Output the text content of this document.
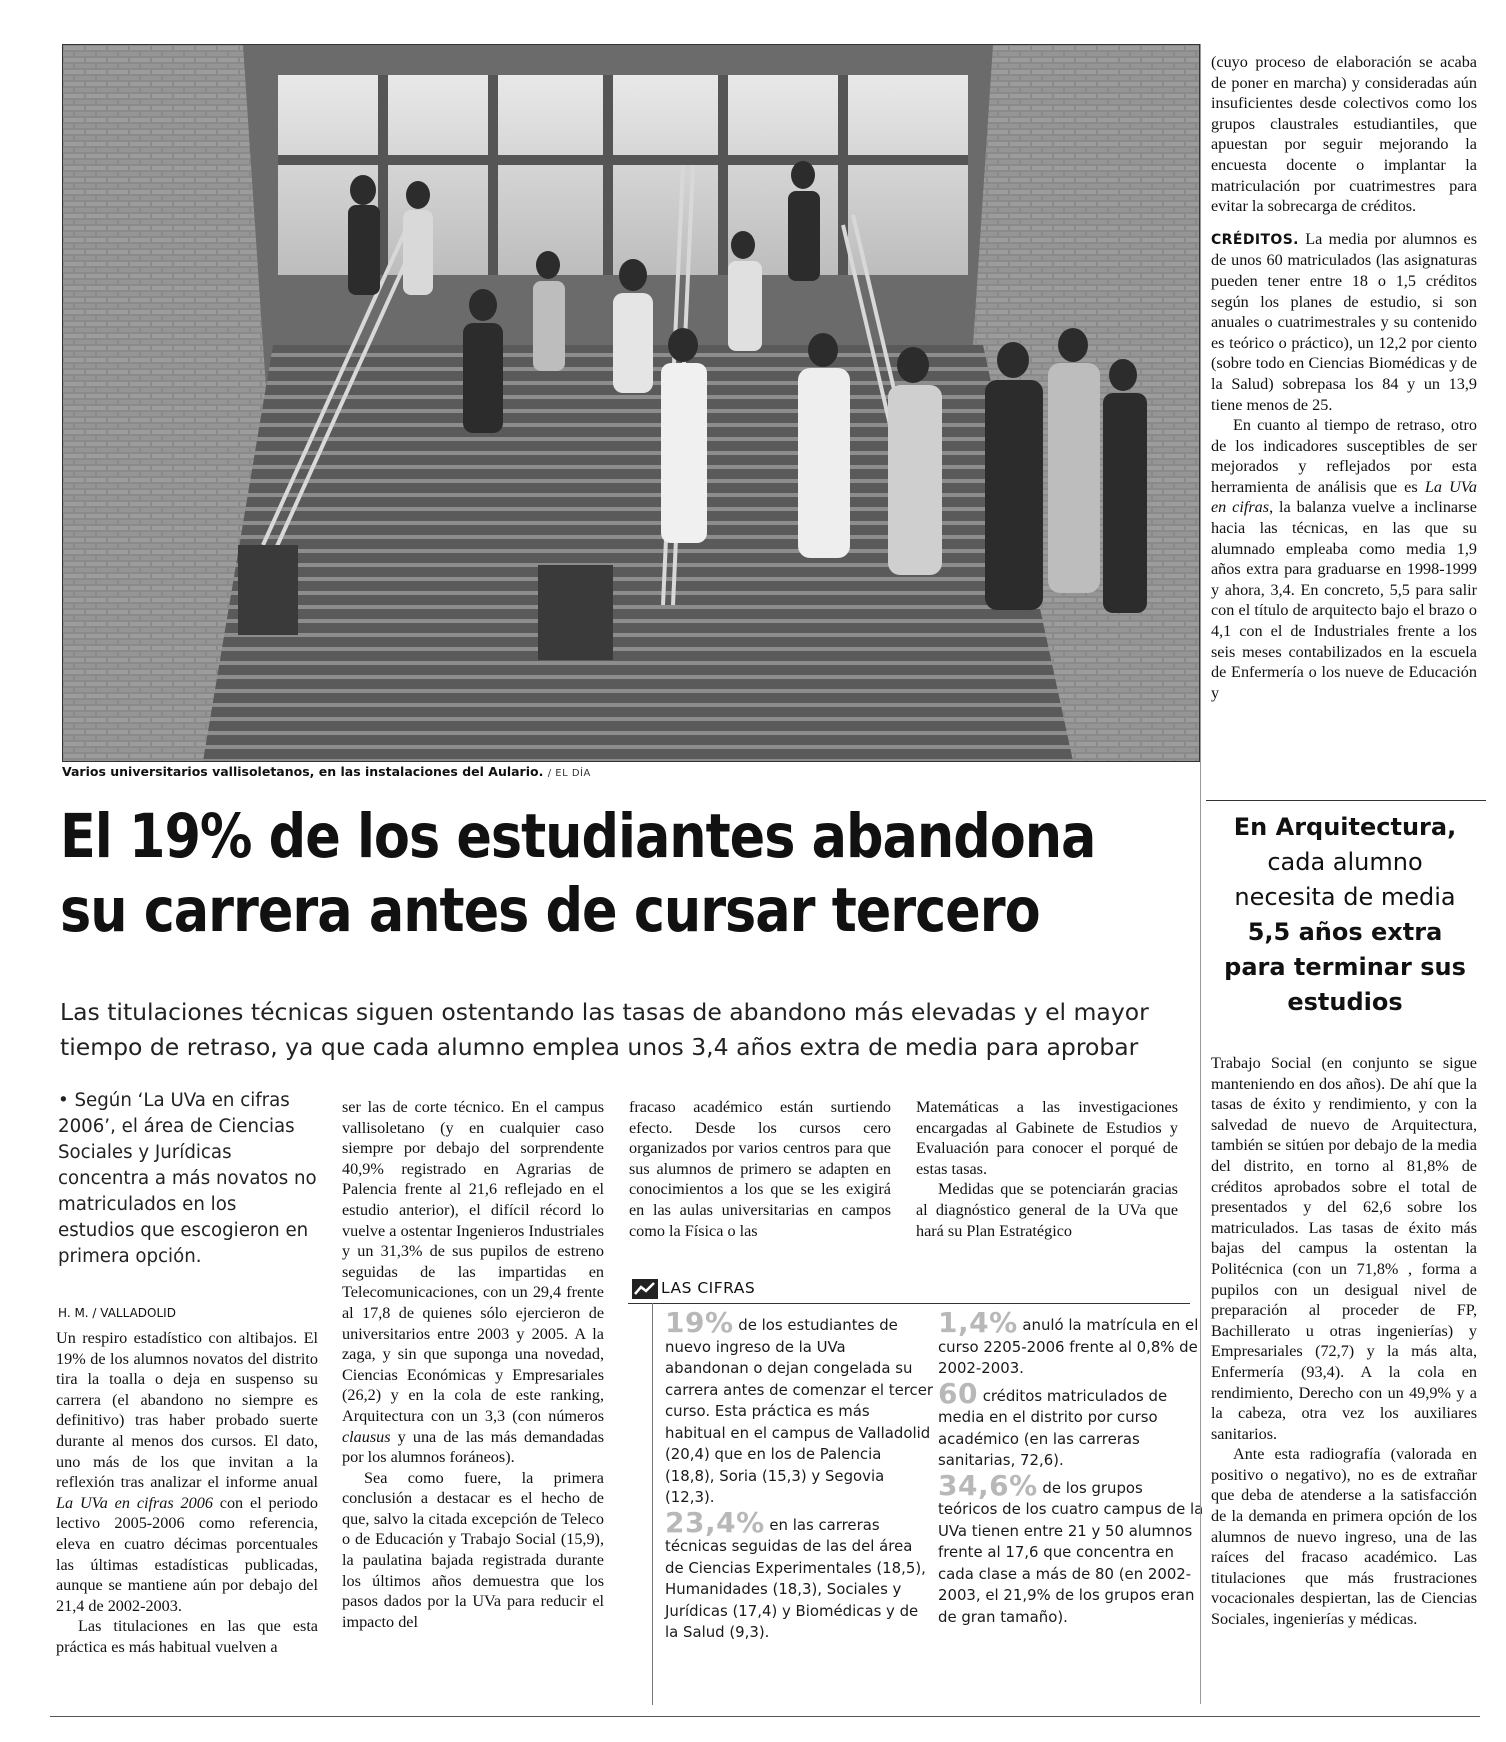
Varios universitarios vallisoletanos, en las instalaciones del Aulario. / EL DÍA
El 19% de los estudiantes abandona
su carrera antes de cursar tercero
Las titulaciones técnicas siguen ostentando las tasas de abandono más elevadas y el mayor tiempo de retraso, ya que cada alumno emplea unos 3,4 años extra de media para aprobar
• Según ‘La UVa en cifras 2006’, el área de Ciencias Sociales y Jurídicas concentra a más novatos no matriculados en los estudios que escogieron en primera opción.
H. M. / VALLADOLID

Un respiro estadístico con altibajos. El 19% de los alumnos novatos del distrito tira la toalla o deja en suspenso su carrera (el abandono no siempre es definitivo) tras haber probado suerte durante al menos dos cursos. El dato, uno más de los que invitan a la reflexión tras analizar el informe anual La UVa en cifras 2006 con el periodo lectivo 2005-2006 como referencia, eleva en cuatro décimas porcentuales las últimas estadísticas publicadas, aunque se mantiene aún por debajo del 21,4 de 2002-2003.

Las titulaciones en las que esta práctica es más habitual vuelven a

ser las de corte técnico. En el campus vallisoletano (y en cualquier caso siempre por debajo del sorprendente 40,9% registrado en Agrarias de Palencia frente al 21,6 reflejado en el estudio anterior), el difícil récord lo vuelve a ostentar Ingenieros Industriales y un 31,3% de sus pupilos de estreno seguidas de las impartidas en Telecomunicaciones, con un 29,4 frente al 17,8 de quienes sólo ejercieron de universitarios entre 2003 y 2005. A la zaga, y sin que suponga una novedad, Ciencias Económicas y Empresariales (26,2) y en la cola de este ranking, Arquitectura con un 3,3 (con números clausus y una de las más demandadas por los alumnos foráneos).

Sea como fuere, la primera conclusión a destacar es el hecho de que, salvo la citada excepción de Teleco o de Educación y Trabajo Social (15,9), la paulatina bajada registrada durante los últimos años demuestra que los pasos dados por la UVa para reducir el impacto del

fracaso académico están surtiendo efecto. Desde los cursos cero organizados por varios centros para que sus alumnos de primero se adapten en conocimientos a los que se les exigirá en las aulas universitarias en campos como la Física o las

Matemáticas a las investigaciones encargadas al Gabinete de Estudios y Evaluación para conocer el porqué de estas tasas.

Medidas que se potenciarán gracias al diagnóstico general de la UVa que hará su Plan Estratégico

LAS CIFRAS
19% de los estudiantes de nuevo ingreso de la UVa abandonan o dejan congelada su carrera antes de comenzar el tercer curso. Esta práctica es más habitual en el campus de Valladolid (20,4) que en los de Palencia (18,8), Soria (15,3) y Segovia (12,3).
23,4% en las carreras técnicas seguidas de las del área de Ciencias Experimentales (18,5), Humanidades (18,3), Sociales y Jurídicas (17,4) y Biomédicas y de la Salud (9,3).
1,4% anuló la matrícula en el curso 2205-2006 frente al 0,8% de 2002-2003.
60 créditos matriculados de media en el distrito por curso académico (en las carreras sanitarias, 72,6).
34,6% de los grupos teóricos de los cuatro campus de la UVa tienen entre 21 y 50 alumnos frente al 17,6 que concentra en cada clase a más de 80 (en 2002-2003, el 21,9% de los grupos eran de gran tamaño).

(cuyo proceso de elaboración se acaba de poner en marcha) y consideradas aún insuficientes desde colectivos como los grupos claustrales estudiantiles, que apuestan por seguir mejorando la encuesta docente o implantar la matriculación por cuatrimestres para evitar la sobrecarga de créditos.

CRÉDITOS. La media por alumnos es de unos 60 matriculados (las asignaturas pueden tener entre 18 o 1,5 créditos según los planes de estudio, si son anuales o cuatrimestrales y su contenido es teórico o práctico), un 12,2 por ciento (sobre todo en Ciencias Biomédicas y de la Salud) sobrepasa los 84 y un 13,9 tiene menos de 25.

En cuanto al tiempo de retraso, otro de los indicadores susceptibles de ser mejorados y reflejados por esta herramienta de análisis que es La UVa en cifras, la balanza vuelve a inclinarse hacia las técnicas, en las que su alumnado empleaba como media 1,9 años extra para graduarse en 1998-1999 y ahora, 3,4. En concreto, 5,5 para salir con el título de arquitecto bajo el brazo o 4,1 con el de Industriales frente a los seis meses contabilizados en la escuela de Enfermería o los nueve de Educación y

En Arquitectura,
cada alumno
necesita de media
5,5 años extra
para terminar sus
estudios

Trabajo Social (en conjunto se sigue manteniendo en dos años). De ahí que la tasas de éxito y rendimiento, y con la salvedad de nuevo de Arquitectura, también se sitúen por debajo de la media del distrito, en torno al 81,8% de créditos aprobados sobre el total de presentados y del 62,6 sobre los matriculados. Las tasas de éxito más bajas del campus la ostentan la Politécnica (con un 71,8% , forma a pupilos con un desigual nivel de preparación al proceder de FP, Bachillerato u otras ingenierías) y Empresariales (72,7) y la más alta, Enfermería (93,4). A la cola en rendimiento, Derecho con un 49,9% y a la cabeza, otra vez los auxiliares sanitarios.

Ante esta radiografía (valorada en positivo o negativo), no es de extrañar que deba de atenderse a la satisfacción de la demanda en primera opción de los alumnos de nuevo ingreso, una de las raíces del fracaso académico. Las titulaciones que más frustraciones vocacionales despiertan, las de Ciencias Sociales, ingenierías y médicas.
